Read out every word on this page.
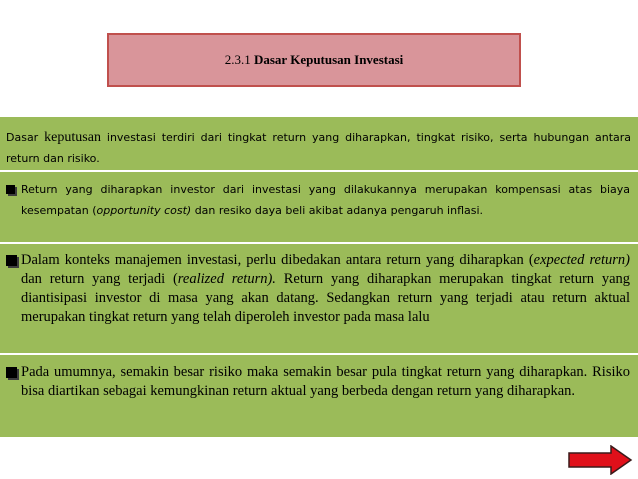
2.3.1
Dasar Keputusan Investasi
Dasar keputusan investasi terdiri dari tingkat return yang diharapkan, tingkat risiko, serta hubungan antara return dan risiko.
Return yang diharapkan investor dari investasi yang dilakukannya merupakan kompensasi atas biaya kesempatan (opportunity cost) dan resiko daya beli akibat adanya pengaruh inflasi.
Dalam konteks manajemen investasi, perlu dibedakan antara return yang diharapkan (expected return) dan return yang terjadi (realized return). Return yang diharapkan merupakan tingkat return yang diantisipasi investor di masa yang akan datang. Sedangkan return yang terjadi atau return aktual merupakan tingkat return yang telah diperoleh investor pada masa lalu
Pada umumnya, semakin besar risiko maka semakin besar pula tingkat return yang diharapkan. Risiko bisa diartikan sebagai kemungkinan return aktual yang berbeda dengan return yang diharapkan.
